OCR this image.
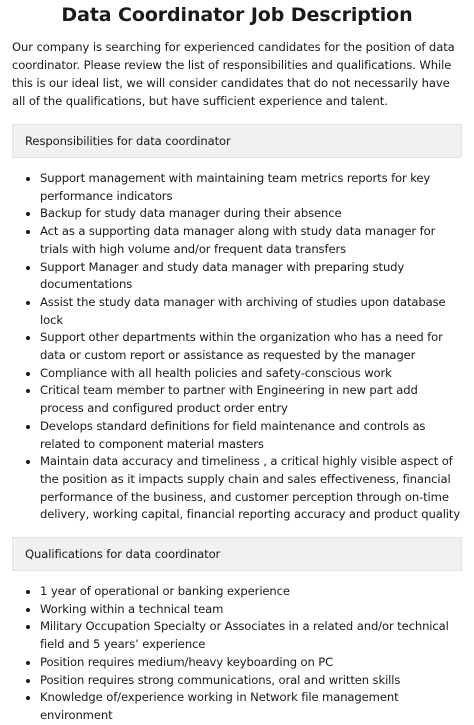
Data Coordinator Job Description

Our company is searching for experienced candidates for the position of data coordinator. Please review the list of responsibilities and qualifications. While this is our ideal list, we will consider candidates that do not necessarily have all of the qualifications, but have sufficient experience and talent.

Responsibilities for data coordinator
Support management with maintaining team metrics reports for key performance indicators
Backup for study data manager during their absence
Act as a supporting data manager along with study data manager for trials with high volume and/or frequent data transfers
Support Manager and study data manager with preparing study documentations
Assist the study data manager with archiving of studies upon database lock
Support other departments within the organization who has a need for data or custom report or assistance as requested by the manager
Compliance with all health policies and safety-conscious work
Critical team member to partner with Engineering in new part add process and configured product order entry
Develops standard definitions for field maintenance and controls as related to component material masters
Maintain data accuracy and timeliness , a critical highly visible aspect of the position as it impacts supply chain and sales effectiveness, financial performance of the business, and customer perception through on-time delivery, working capital, financial reporting accuracy and product quality
Qualifications for data coordinator
1 year of operational or banking experience
Working within a technical team
Military Occupation Specialty or Associates in a related and/or technical field and 5 years’ experience
Position requires medium/heavy keyboarding on PC
Position requires strong communications, oral and written skills
Knowledge of/experience working in Network file management environment
